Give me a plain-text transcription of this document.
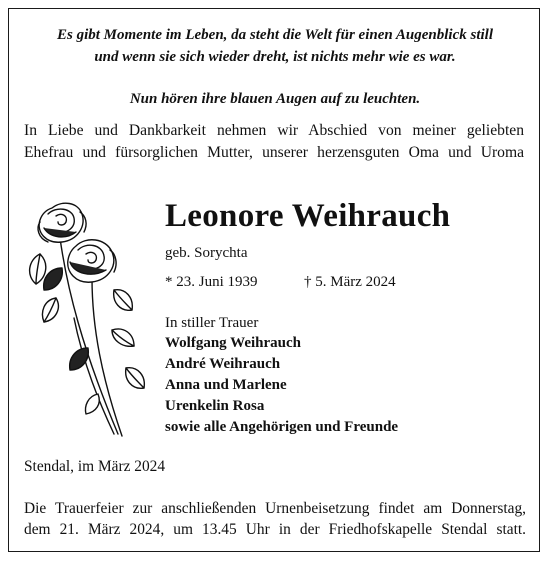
Es gibt Momente im Leben, da steht die Welt für einen Augenblick still

und wenn sie sich wieder dreht, ist nichts mehr wie es war.

Nun hören ihre blauen Augen auf zu leuchten.

In Liebe und Dankbarkeit nehmen wir Abschied von meiner geliebten

Ehefrau und fürsorglichen Mutter, unserer herzensguten Oma und Uroma

Leonore Weihrauch

geb. Sorychta

* 23. Juni 1939	† 5. März 2024

In stiller Trauer

Wolfgang Weihrauch

André Weihrauch

Anna und Marlene

Urenkelin Rosa

sowie alle Angehörigen und Freunde

Stendal, im März 2024

Die Trauerfeier zur anschließenden Urnenbeisetzung findet am Donnerstag,

dem 21. März 2024, um 13.45 Uhr in der Friedhofskapelle Stendal statt.
